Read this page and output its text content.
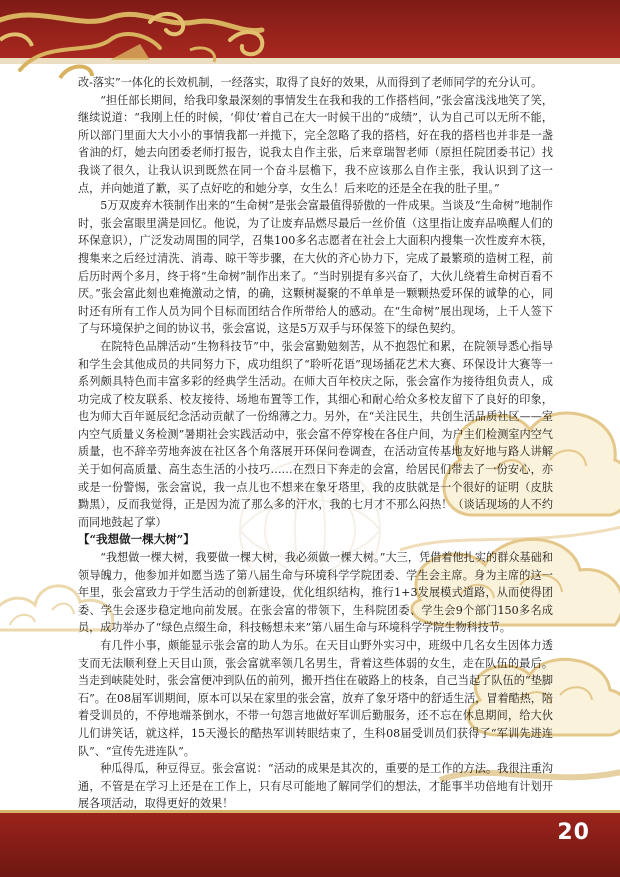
改-落实”一体化的长效机制，一经落实，取得了良好的效果，从而得到了老师同学的充分认可。

“担任部长期间，给我印象最深刻的事情发生在我和我的工作搭档间，”张会富浅浅地笑了笑，继续说道：“我刚上任的时候，‘仰仗’着自己在大一时候干出的“成绩”，认为自己可以无所不能，所以部门里面大大小小的事情我都一并揽下，完全忽略了我的搭档，好在我的搭档也并非是一盏省油的灯，她去向团委老师打报告，说我太自作主张，后来章瑞智老师（原担任院团委书记）找我谈了很久，让我认识到既然在同一个奋斗层檐下，我不应该那么自作主张，我认识到了这一点，并向她道了歉，买了点好吃的和她分享，女生么！后来吃的还是全在我的肚子里。”

5万双废弃木筷制作出来的“生命树”是张会富最值得骄傲的一件成果。当谈及“生命树”地制作时，张会富眼里满是回忆。他说，为了让废弃品燃尽最后一丝价值（这里指让废弃品唤醒人们的环保意识），广泛发动周围的同学，召集100多名志愿者在社会上大面积内搜集一次性废弃木筷，搜集来之后经过清洗、消毒、晾干等步骤，在大伙的齐心协力下，完成了最繁琐的造树工程，前后历时两个多月，终于将“生命树”制作出来了。“当时别提有多兴奋了，大伙儿绕着生命树百看不厌。”张会富此刻也难掩激动之情，的确，这颗树凝聚的不单单是一颗颗热爱环保的诚挚的心，同时还有所有工作人员为同个目标而团结合作所带给人的感动。在“生命树”展出现场，上千人签下了与环境保护之间的协议书，张会富说，这是5万双手与环保签下的绿色契约。

在院特色品牌活动“生物科技节”中，张会富勤勉刻苦，从不抱怨忙和累，在院领导悉心指导和学生会其他成员的共同努力下，成功组织了“聆听花语”现场插花艺术大赛、环保设计大赛等一系列颇具特色而丰富多彩的经典学生活动。在师大百年校庆之际，张会富作为接待组负责人，成功完成了校友联系、校友接待、场地布置等工作，其细心和耐心给众多校友留下了良好的印象，也为师大百年诞辰纪念活动贡献了一份绵薄之力。另外，在“关注民生，共创生活品质社区——室内空气质量义务检测”暑期社会实践活动中，张会富不停穿梭在各住户间，为户主们检测室内空气质量，也不辞辛劳地奔波在社区各个角落展开环保问卷调查，在活动宣传基地友好地与路人讲解关于如何高质量、高生态生活的小技巧……在烈日下奔走的会富，给居民们带去了一份安心，亦或是一份警惕，张会富说，我一点儿也不想来在象牙塔里，我的皮肤就是一个很好的证明（皮肤黝黑），反而我觉得，正是因为流了那么多的汗水，我的七月才不那么闷热！（谈话现场的人不约而同地鼓起了掌）

【“我想做一棵大树”】

“我想做一棵大树，我要做一棵大树，我必须做一棵大树。”大三，凭借着他扎实的群众基础和领导魄力，他参加并如愿当选了第八届生命与环境科学学院团委、学生会主席。身为主席的这一年里，张会富致力于学生活动的创新建设，优化组织结构，推行1+3发展模式道路，从而使得团委、学生会逐步稳定地向前发展。在张会富的带领下，生科院团委、学生会9个部门150多名成员，成功举办了“绿色点缀生命，科技畅想未来”第八届生命与环境科学学院生物科技节。

有几件小事，颇能显示张会富的助人为乐。在天目山野外实习中，班级中几名女生因体力透支而无法顺利登上天目山顶，张会富就率领几名男生，背着这些体弱的女生，走在队伍的最后。当走到峡陡处时，张会富便冲到队伍的前列，搬开挡住在破路上的枝条，自己当起了队伍的“垫脚石”。在08届军训期间，原本可以呆在家里的张会富，放弃了象牙塔中的舒适生活，冒着酷热，陪着受训员的，不停地端茶倒水，不带一句怨言地做好军训后勤服务，还不忘在休息期间，给大伙儿们讲笑话，就这样，15天漫长的酷热军训转眼结束了，生科08届受训员们获得了“军训先进连队”、“宣传先进连队”。

种瓜得瓜，种豆得豆。张会富说：“活动的成果是其次的，重要的是工作的方法。我很注重沟通，不管是在学习上还是在工作上，只有尽可能地了解同学们的想法，才能事半功倍地有计划开展各项活动，取得更好的效果！

20
